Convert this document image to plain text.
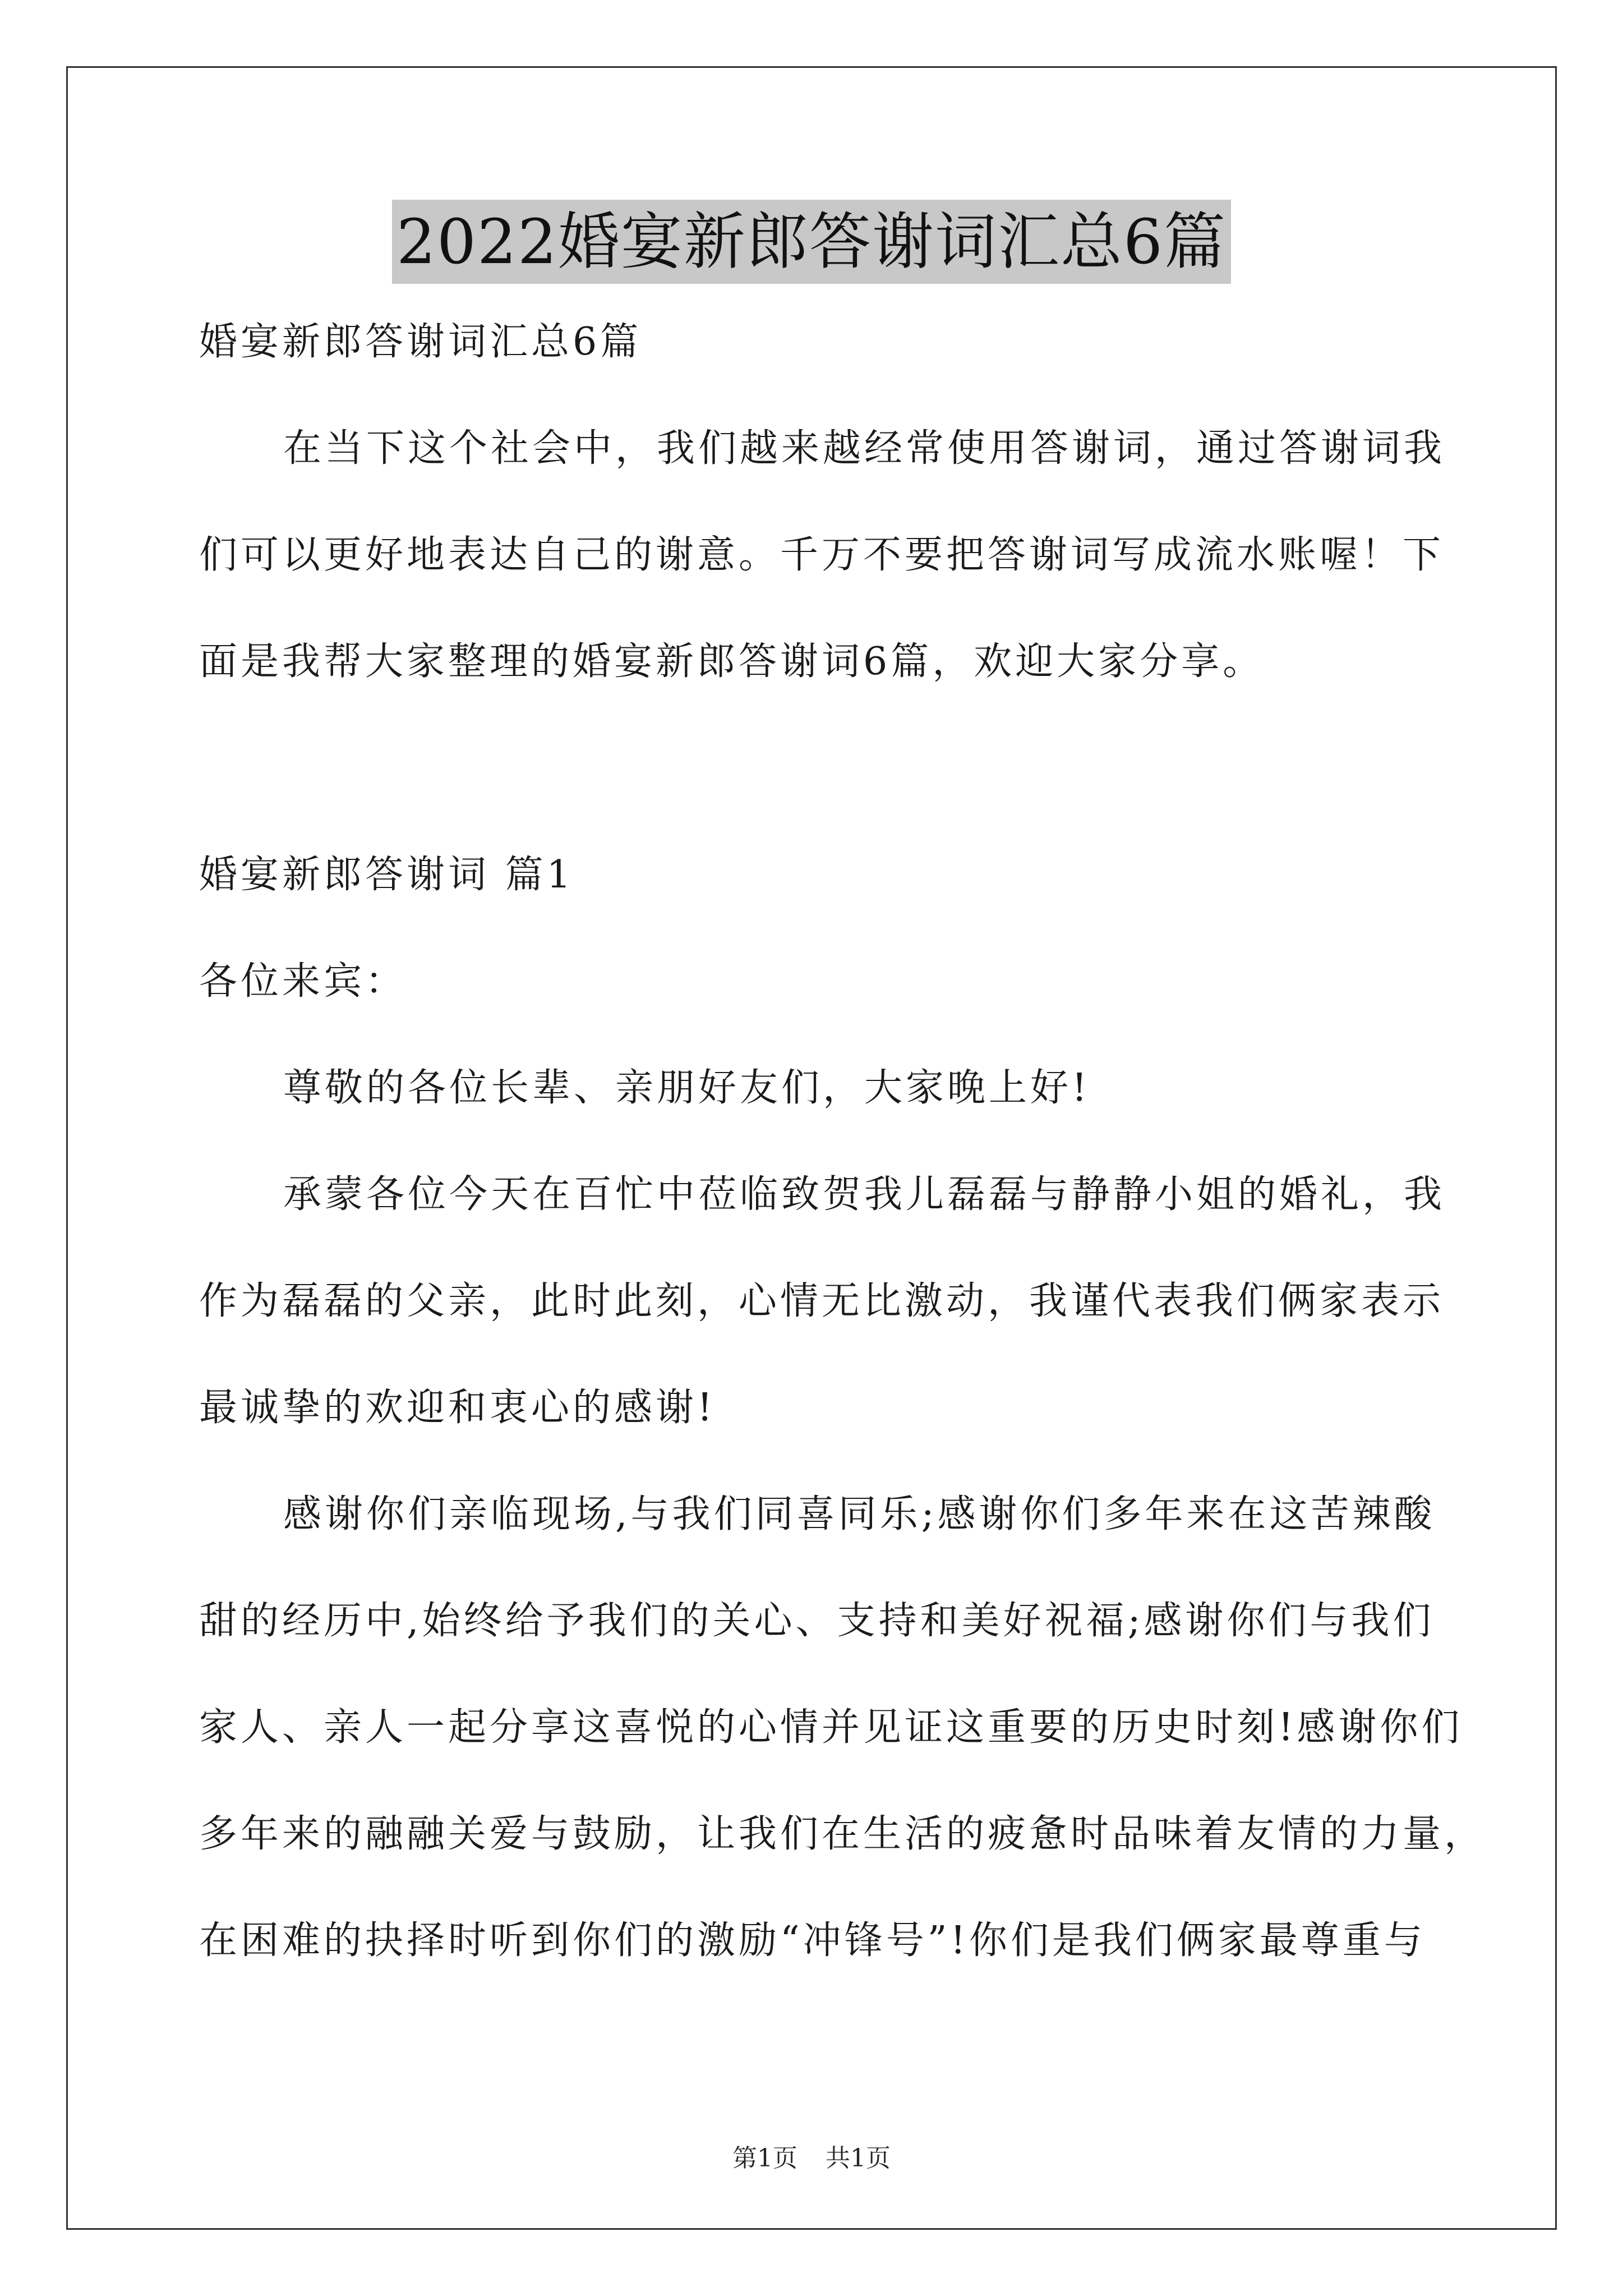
2022婚宴新郎答谢词汇总6篇
婚宴新郎答谢词汇总6篇
在当下这个社会中，我们越来越经常使用答谢词，通过答谢词我
们可以更好地表达自己的谢意。千万不要把答谢词写成流水账喔！下
面是我帮大家整理的婚宴新郎答谢词6篇，欢迎大家分享。
婚宴新郎答谢词 篇1
各位来宾：
尊敬的各位长辈、亲朋好友们，大家晚上好!
承蒙各位今天在百忙中莅临致贺我儿磊磊与静静小姐的婚礼，我
作为磊磊的父亲，此时此刻，心情无比激动，我谨代表我们俩家表示
最诚挚的欢迎和衷心的感谢!
感谢你们亲临现场,与我们同喜同乐;感谢你们多年来在这苦辣酸
甜的经历中,始终给予我们的关心、支持和美好祝福;感谢你们与我们
家人、亲人一起分享这喜悦的心情并见证这重要的历史时刻!感谢你们
多年来的融融关爱与鼓励，让我们在生活的疲惫时品味着友情的力量，
在困难的抉择时听到你们的激励“冲锋号”!你们是我们俩家最尊重与
第1页 共1页
